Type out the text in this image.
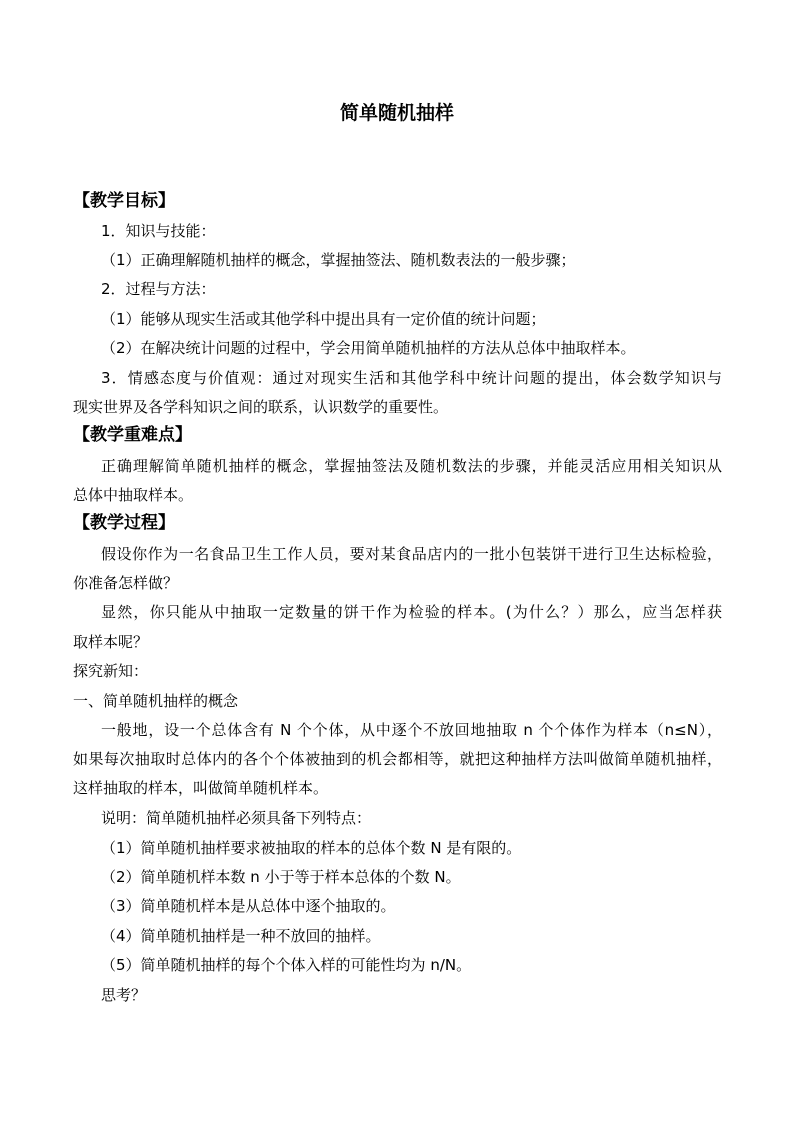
简单随机抽样
【教学目标】
1．知识与技能：
（1）正确理解随机抽样的概念，掌握抽签法、随机数表法的一般步骤；
2．过程与方法：
（1）能够从现实生活或其他学科中提出具有一定价值的统计问题；
（2）在解决统计问题的过程中，学会用简单随机抽样的方法从总体中抽取样本。
3．情感态度与价值观：通过对现实生活和其他学科中统计问题的提出，体会数学知识与
现实世界及各学科知识之间的联系，认识数学的重要性。
【教学重难点】
正确理解简单随机抽样的概念，掌握抽签法及随机数法的步骤，并能灵活应用相关知识从
总体中抽取样本。
【教学过程】
假设你作为一名食品卫生工作人员，要对某食品店内的一批小包装饼干进行卫生达标检验，
你准备怎样做？
显然，你只能从中抽取一定数量的饼干作为检验的样本。(为什么？）那么，应当怎样获
取样本呢？
探究新知：
一、简单随机抽样的概念
一般地，设一个总体含有 N 个个体，从中逐个不放回地抽取 n 个个体作为样本（n≤N），
如果每次抽取时总体内的各个个体被抽到的机会都相等，就把这种抽样方法叫做简单随机抽样，
这样抽取的样本，叫做简单随机样本。
说明：简单随机抽样必须具备下列特点：
（1）简单随机抽样要求被抽取的样本的总体个数 N 是有限的。
（2）简单随机样本数 n 小于等于样本总体的个数 N。
（3）简单随机样本是从总体中逐个抽取的。
（4）简单随机抽样是一种不放回的抽样。
（5）简单随机抽样的每个个体入样的可能性均为 n/N。
思考？
